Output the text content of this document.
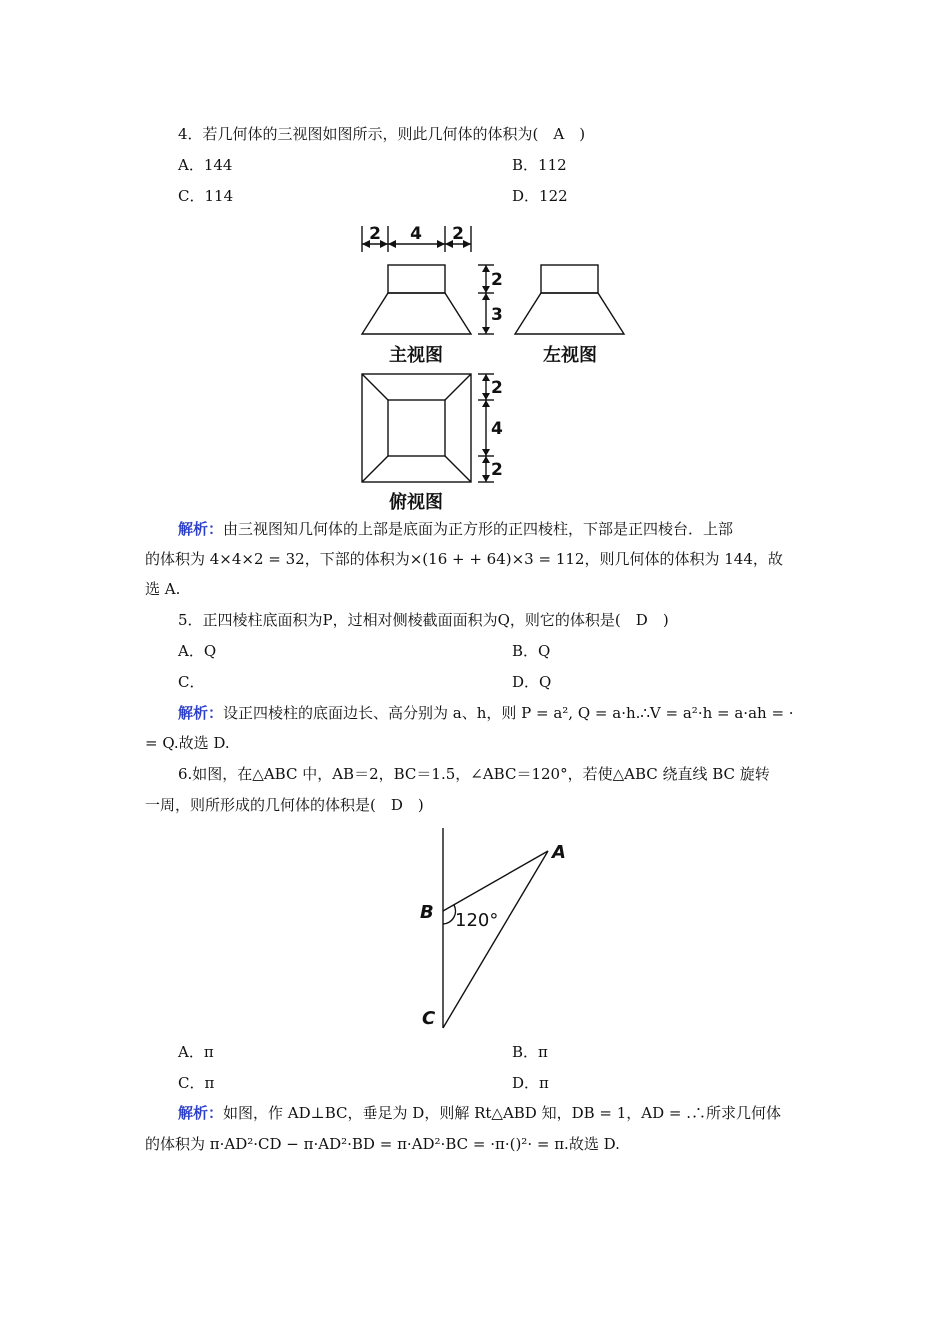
4．若几何体的三视图如图所示，则此几何体的体积为(　A　)
A．144	B．112
C．114	D．122
2 4 2
2
3
2
4
2
主视图	左视图
俯视图
解析：由三视图知几何体的上部是底面为正方形的正四棱柱，下部是正四棱台．上部
的体积为 4×4×2 = 32，下部的体积为×(16 + + 64)×3 = 112，则几何体的体积为 144，故
选 A.
5．正四棱柱底面积为P，过相对侧棱截面面积为Q，则它的体积是(　D　)
A．Q	B．Q
C．	D．Q
解析：设正四棱柱的底面边长、高分别为 a、h，则 P = a², Q = a·h.∴V = a²·h = a·ah = ·
= Q.故选 D.
6.如图，在△ABC 中，AB＝2，BC＝1.5，∠ABC＝120°，若使△ABC 绕直线 BC 旋转
一周，则所形成的几何体的体积是(　D　)
A
B
C
120°
A．π	B．π
C．π	D．π
解析：如图，作 AD⊥BC，垂足为 D，则解 Rt△ABD 知，DB = 1，AD = .∴所求几何体
的体积为 π·AD²·CD − π·AD²·BD = π·AD²·BC = ·π·()²· = π.故选 D.
